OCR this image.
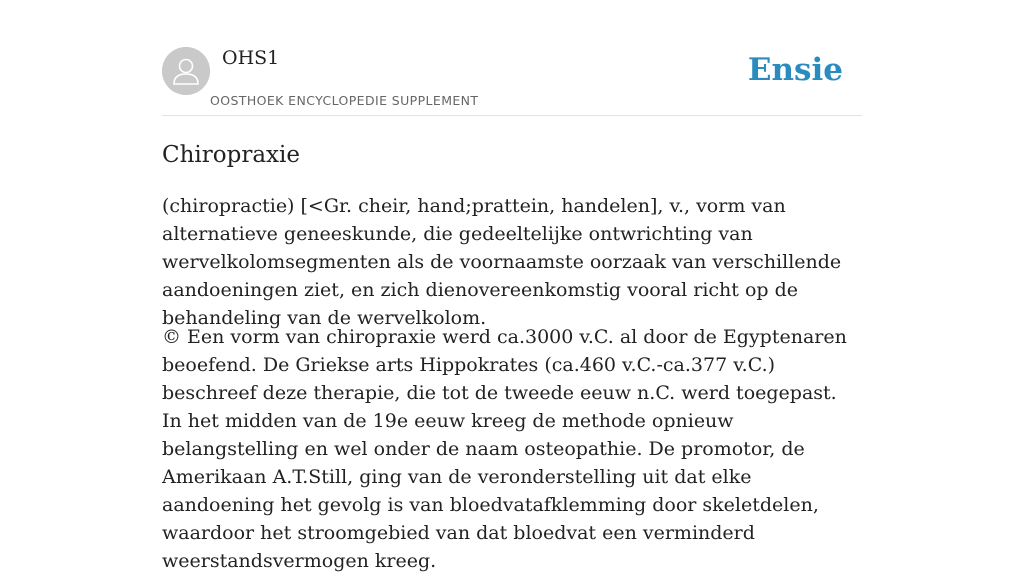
OHS1
OOSTHOEK ENCYCLOPEDIE SUPPLEMENT
Ensie
Chiropraxie

(chiropractie) [<Gr. cheir, hand;prattein, handelen], v., vorm van alternatieve geneeskunde, die gedeeltelijke ontwrichting van wervelkolomsegmenten als de voornaamste oorzaak van verschillende aandoeningen ziet, en zich dienovereenkomstig vooral richt op de behandeling van de wervelkolom.

© Een vorm van chiropraxie werd ca.3000 v.C. al door de Egyptenaren beoefend. De Griekse arts Hippokrates (ca.460 v.C.-ca.377 v.C.) beschreef deze therapie, die tot de tweede eeuw n.C. werd toegepast. In het midden van de 19e eeuw kreeg de methode opnieuw belangstelling en wel onder de naam osteopathie. De promotor, de Amerikaan A.T.Still, ging van de veronderstelling uit dat elke aandoening het gevolg is van bloedvatafklemming door skeletdelen, waardoor het stroomgebied van dat bloedvat een verminderd weerstandsvermogen kreeg.
